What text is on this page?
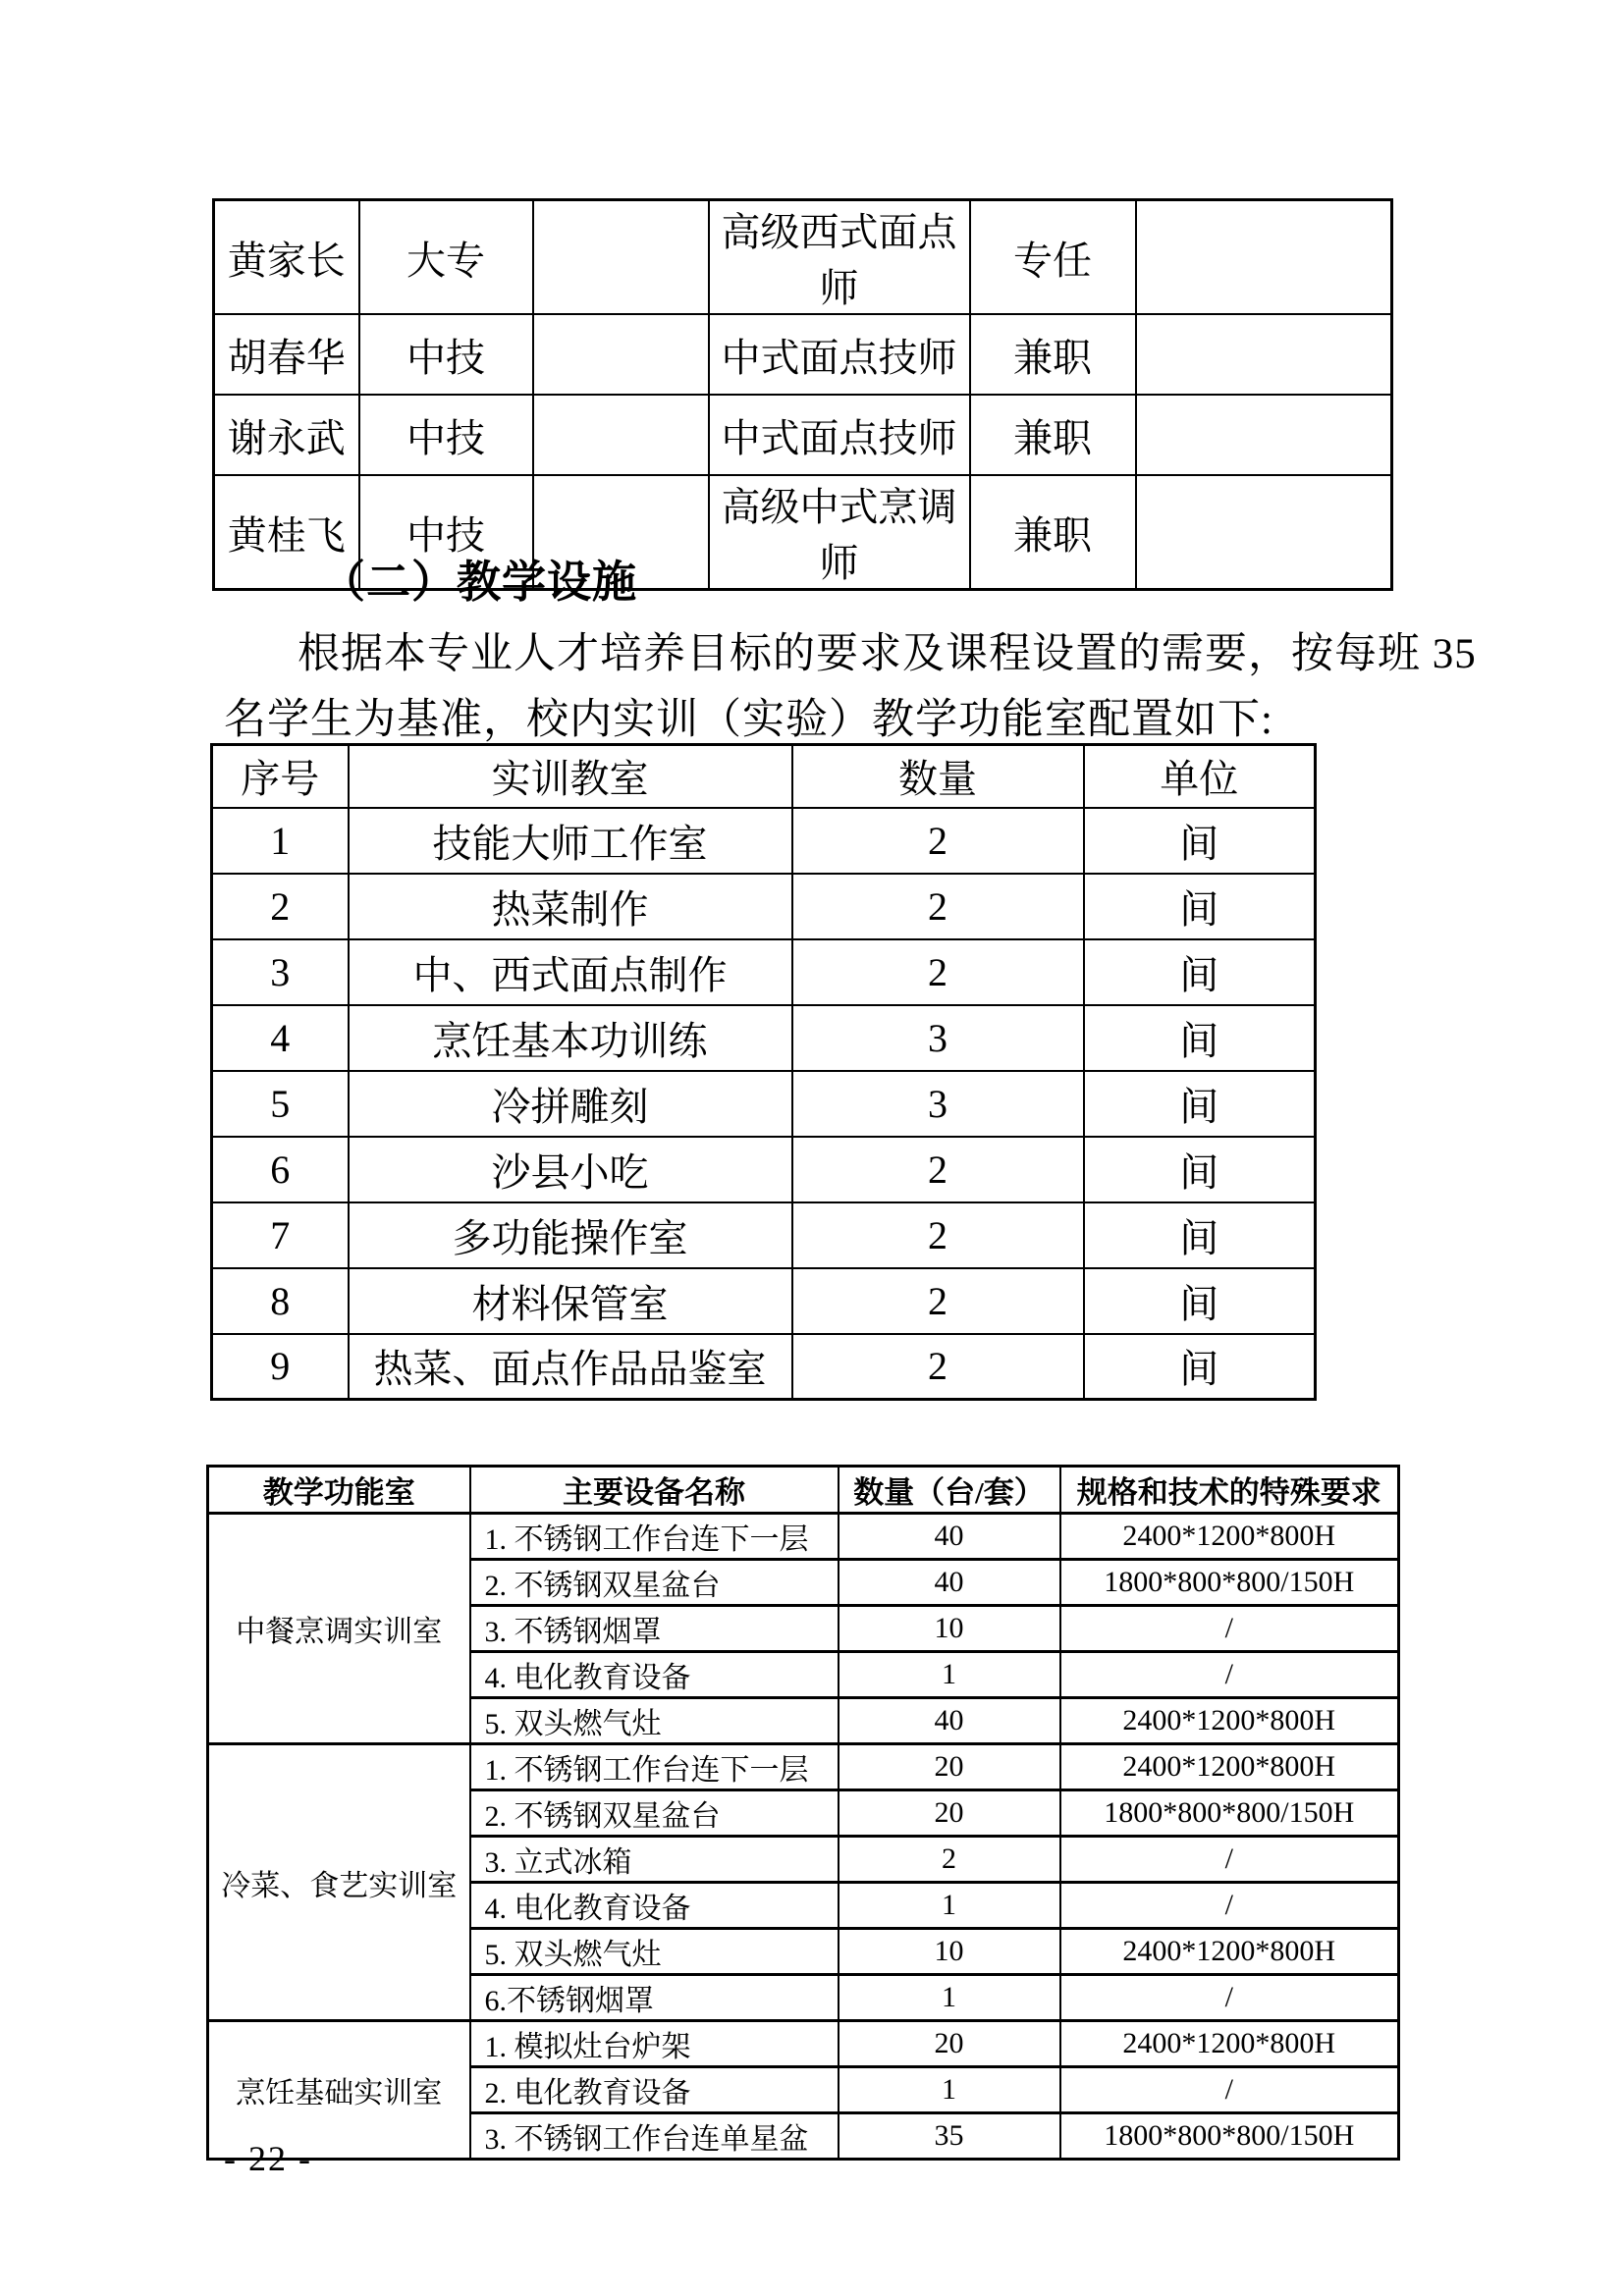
黄家长	大专		高级西式面点师	专任	
胡春华	中技		中式面点技师	兼职	
谢永武	中技		中式面点技师	兼职	
黄桂飞	中技		高级中式烹调师	兼职	
（二）教学设施
根据本专业人才培养目标的要求及课程设置的需要，按每班 35
名学生为基准，校内实训（实验）教学功能室配置如下:
序号	实训教室	数量	单位
1	技能大师工作室	2	间
2	热菜制作	2	间
3	中、西式面点制作	2	间
4	烹饪基本功训练	3	间
5	冷拼雕刻	3	间
6	沙县小吃	2	间
7	多功能操作室	2	间
8	材料保管室	2	间
9	热菜、面点作品品鉴室	2	间
教学功能室	主要设备名称	数量（台/套）	规格和技术的特殊要求
中餐烹调实训室	1. 不锈钢工作台连下一层	40	2400*1200*800H
	2. 不锈钢双星盆台	40	1800*800*800/150H
	3. 不锈钢烟罩	10	/
	4. 电化教育设备	1	/
	5. 双头燃气灶	40	2400*1200*800H
冷菜、食艺实训室	1. 不锈钢工作台连下一层	20	2400*1200*800H
	2. 不锈钢双星盆台	20	1800*800*800/150H
	3. 立式冰箱	2	/
	4. 电化教育设备	1	/
	5. 双头燃气灶	10	2400*1200*800H
	6.不锈钢烟罩	1	/
烹饪基础实训室	1. 模拟灶台炉架	20	2400*1200*800H
	2. 电化教育设备	1	/
	3. 不锈钢工作台连单星盆	35	1800*800*800/150H
- 22 -
